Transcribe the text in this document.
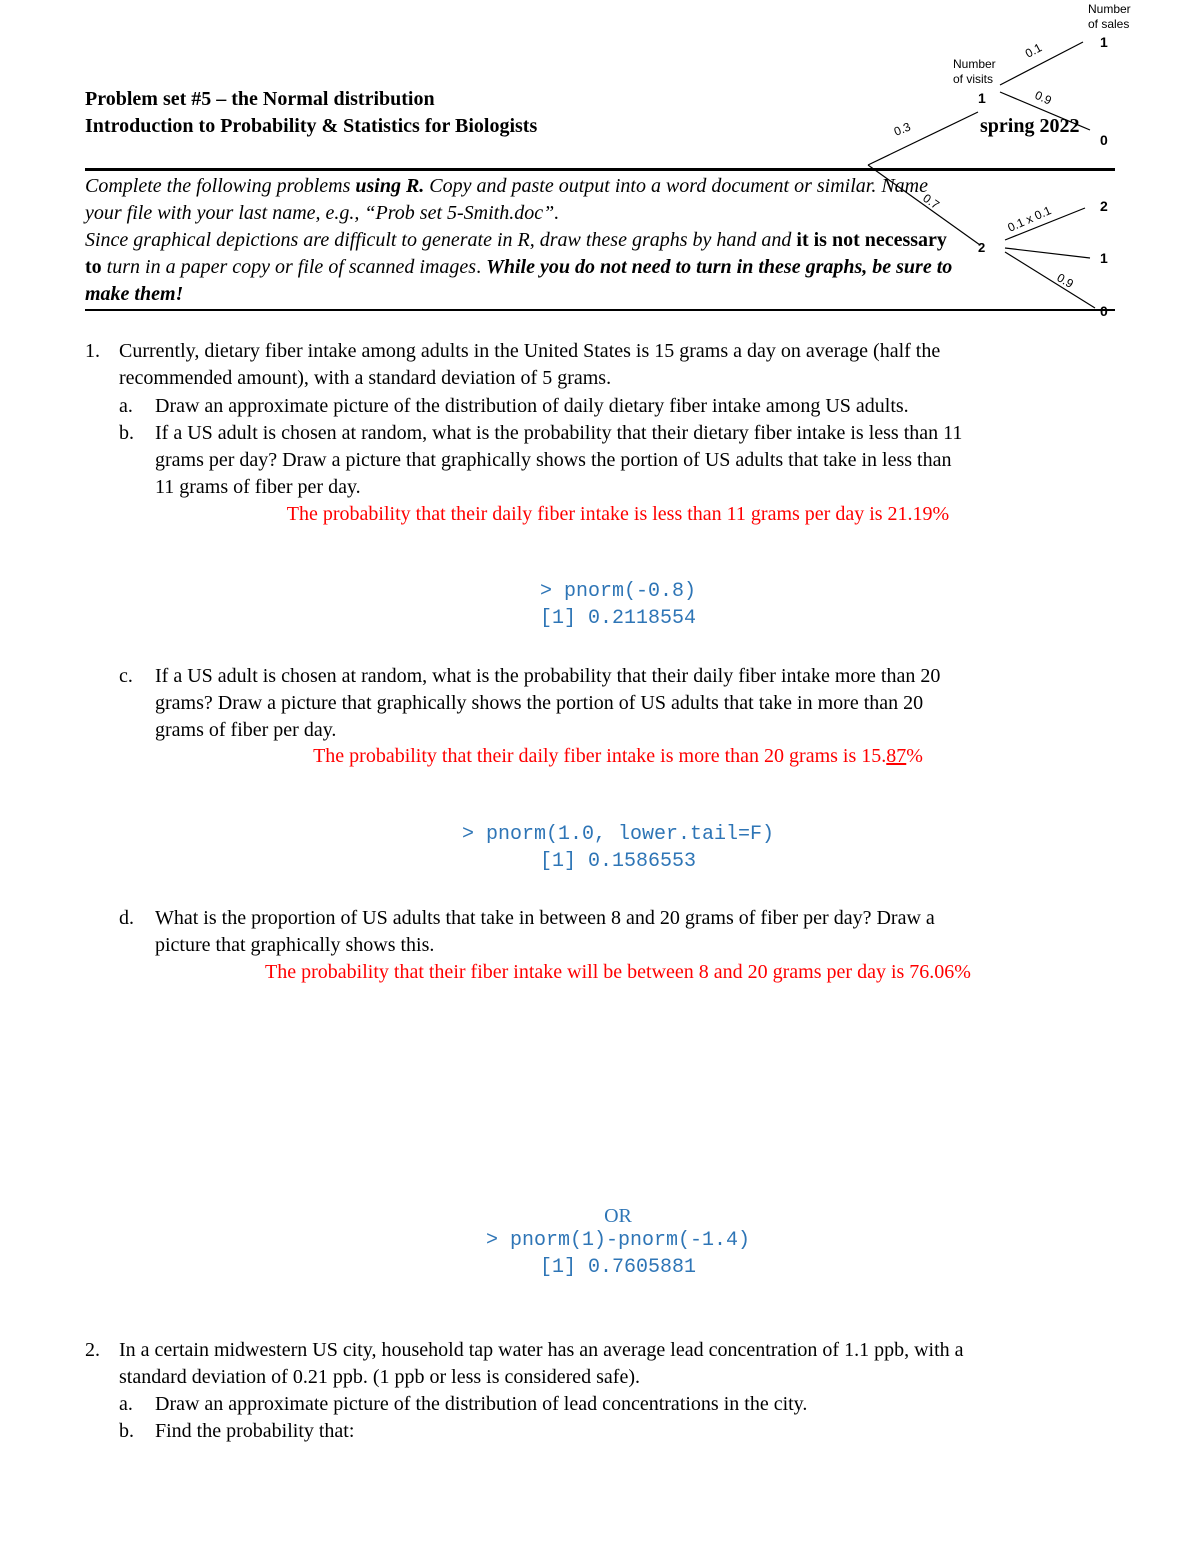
0.3
0.7
0.1
0.9
0.1 x 0.1
0.9
Number
of sales
Number
of visits
1
2
1
0
2
1
0
Problem set #5 – the Normal distribution
Introduction to Probability & Statistics for Biologists	spring 2022
Complete the following problems using R. Copy and paste output into a word document or similar. Name
your file with your last name, e.g., “Prob set 5-Smith.doc”.
Since graphical depictions are difficult to generate in R, draw these graphs by hand and it is not necessary
to turn in a paper copy or file of scanned images. While you do not need to turn in these graphs, be sure to
make them!
1. Currently, dietary fiber intake among adults in the United States is 15 grams a day on average (half the
recommended amount), with a standard deviation of 5 grams.
a. Draw an approximate picture of the distribution of daily dietary fiber intake among US adults.
b. If a US adult is chosen at random, what is the probability that their dietary fiber intake is less than 11
grams per day? Draw a picture that graphically shows the portion of US adults that take in less than
11 grams of fiber per day.
The probability that their daily fiber intake is less than 11 grams per day is 21.19%
> pnorm(-0.8)
[1] 0.2118554
c. If a US adult is chosen at random, what is the probability that their daily fiber intake more than 20
grams? Draw a picture that graphically shows the portion of US adults that take in more than 20
grams of fiber per day.
The probability that their daily fiber intake is more than 20 grams is 15.87%
> pnorm(1.0, lower.tail=F)
[1] 0.1586553
d. What is the proportion of US adults that take in between 8 and 20 grams of fiber per day? Draw a
picture that graphically shows this.
The probability that their fiber intake will be between 8 and 20 grams per day is 76.06%
OR
> pnorm(1)-pnorm(-1.4)
[1] 0.7605881
2. In a certain midwestern US city, household tap water has an average lead concentration of 1.1 ppb, with a
standard deviation of 0.21 ppb. (1 ppb or less is considered safe).
a. Draw an approximate picture of the distribution of lead concentrations in the city.
b. Find the probability that:
